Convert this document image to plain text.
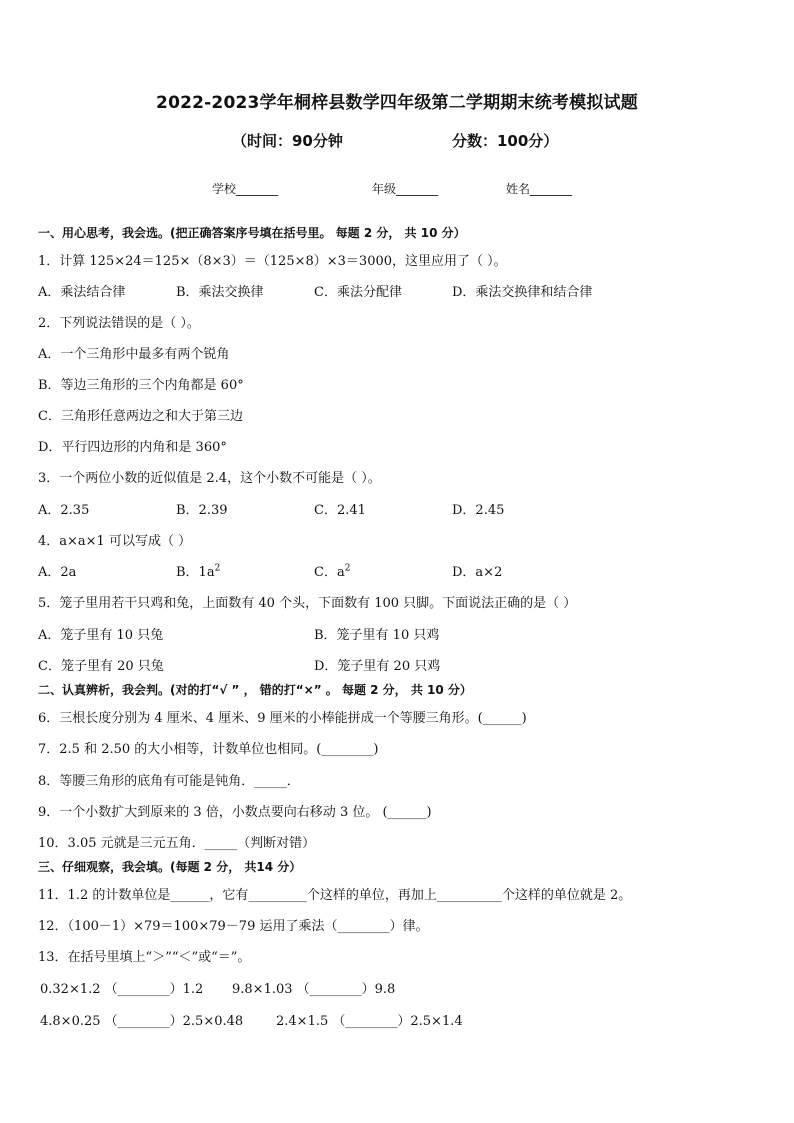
2022-2023学年桐梓县数学四年级第二学期期末统考模拟试题
（时间：90分钟	分数：100分）
学校_______	年级_______	姓名_______
一、用心思考，我会选。(把正确答案序号填在括号里。 每题 2 分， 共 10 分）
1．计算 125×24＝125×（8×3）＝（125×8）×3＝3000，这里应用了（ ）。
A．乘法结合律	B．乘法交换律	C．乘法分配律	D．乘法交换律和结合律
2．下列说法错误的是（ ）。
A．一个三角形中最多有两个锐角
B．等边三角形的三个内角都是 60°
C．三角形任意两边之和大于第三边
D．平行四边形的内角和是 360°
3．一个两位小数的近似值是 2.4，这个小数不可能是（ ）。
A．2.35	B．2.39	C．2.41	D．2.45
4．a×a×1 可以写成（ ）
A．2a	B．$1a^2$	C．$a^2$	D．a×2
5．笼子里用若干只鸡和兔，上面数有 40 个头，下面数有 100 只脚。下面说法正确的是（ ）
A．笼子里有 10 只兔	B．笼子里有 10 只鸡
C．笼子里有 20 只兔	D．笼子里有 20 只鸡
二、认真辨析，我会判。(对的打“√ ” ， 错的打“×” 。 每题 2 分， 共 10 分）
6．三根长度分别为 4 厘米、4 厘米、9 厘米的小棒能拼成一个等腰三角形。(______)
7．2.5 和 2.50 的大小相等，计数单位也相同。(________)
8．等腰三角形的底角有可能是钝角．_____．
9．一个小数扩大到原来的 3 倍，小数点要向右移动 3 位。 (______)
10．3.05 元就是三元五角．_____（判断对错）
三、仔细观察，我会填。(每题 2 分， 共14 分）
11．1.2 的计数单位是______，它有_________个这样的单位，再加上__________个这样的单位就是 2。
12．（100－1）×79＝100×79－79 运用了乘法（________）律。
13．在括号里填上“＞”“＜”或“＝”。
0.32×1.2 （________）1.2 9.8×1.03 （________）9.8
4.8×0.25 （________）2.5×0.48	2.4×1.5 （________）2.5×1.4
